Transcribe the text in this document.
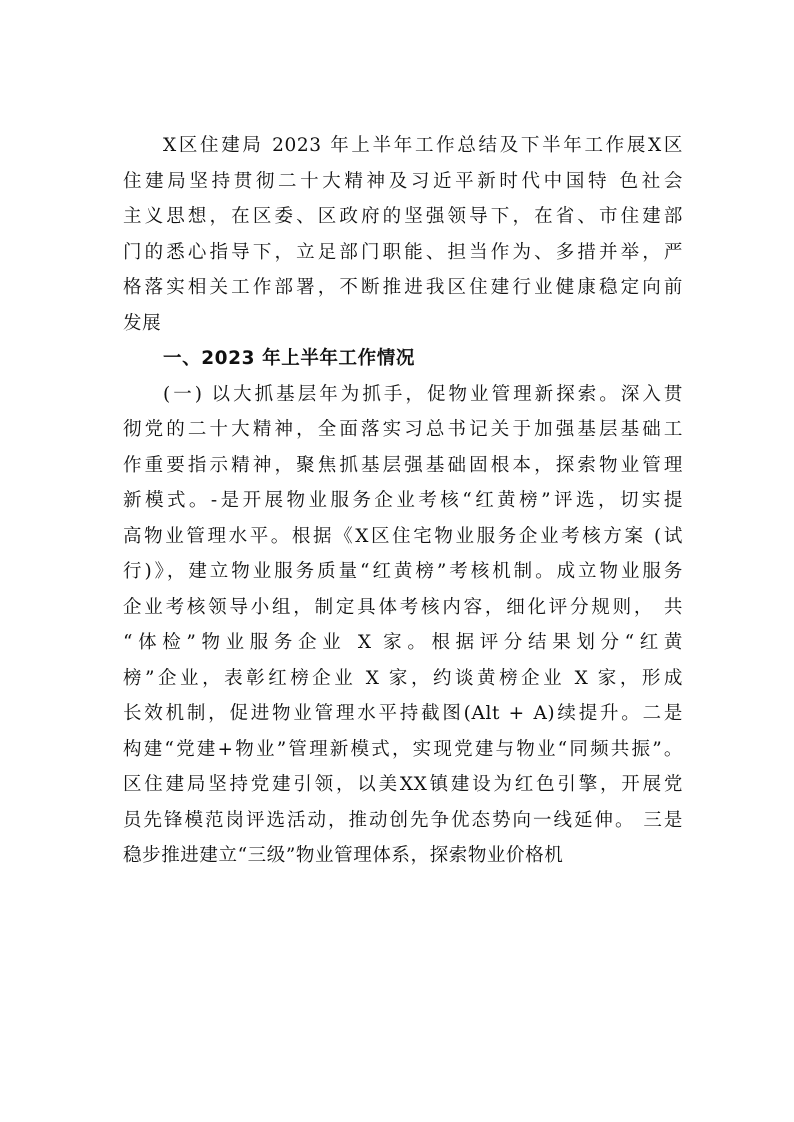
X区住建局 2023 年上半年工作总结及下半年工作展X区
住建局坚持贯彻二十大精神及习近平新时代中国特 色社会
主义思想，在区委、区政府的坚强领导下，在省、市住建部
门的悉心指导下，立足部门职能、担当作为、多措并举，严
格落实相关工作部署，不断推进我区住建行业健康稳定向前
发展
一、2023 年上半年工作情况
(一) 以大抓基层年为抓手，促物业管理新探索。深入贯
彻党的二十大精神，全面落实习总书记关于加强基层基础工
作重要指示精神，聚焦抓基层强基础固根本，探索物业管理
新模式。-是开展物业服务企业考核“红黄榜”评选，切实提
高物业管理水平。根据《X区住宅物业服务企业考核方案 (试
行)》，建立物业服务质量“红黄榜”考核机制。成立物业服务
企业考核领导小组，制定具体考核内容，细化评分规则， 共
“体检”物业服务企业 X 家。根据评分结果划分“红黄
榜”企业，表彰红榜企业 X 家，约谈黄榜企业 X 家，形成
长效机制，促进物业管理水平持截图(Alt + A)续提升。二是
构建“党建+物业”管理新模式，实现党建与物业“同频共振”。
区住建局坚持党建引领，以美XX镇建设为红色引擎，开展党
员先锋模范岗评选活动，推动创先争优态势向一线延伸。 三是
稳步推进建立“三级”物业管理体系，探索物业价格机
